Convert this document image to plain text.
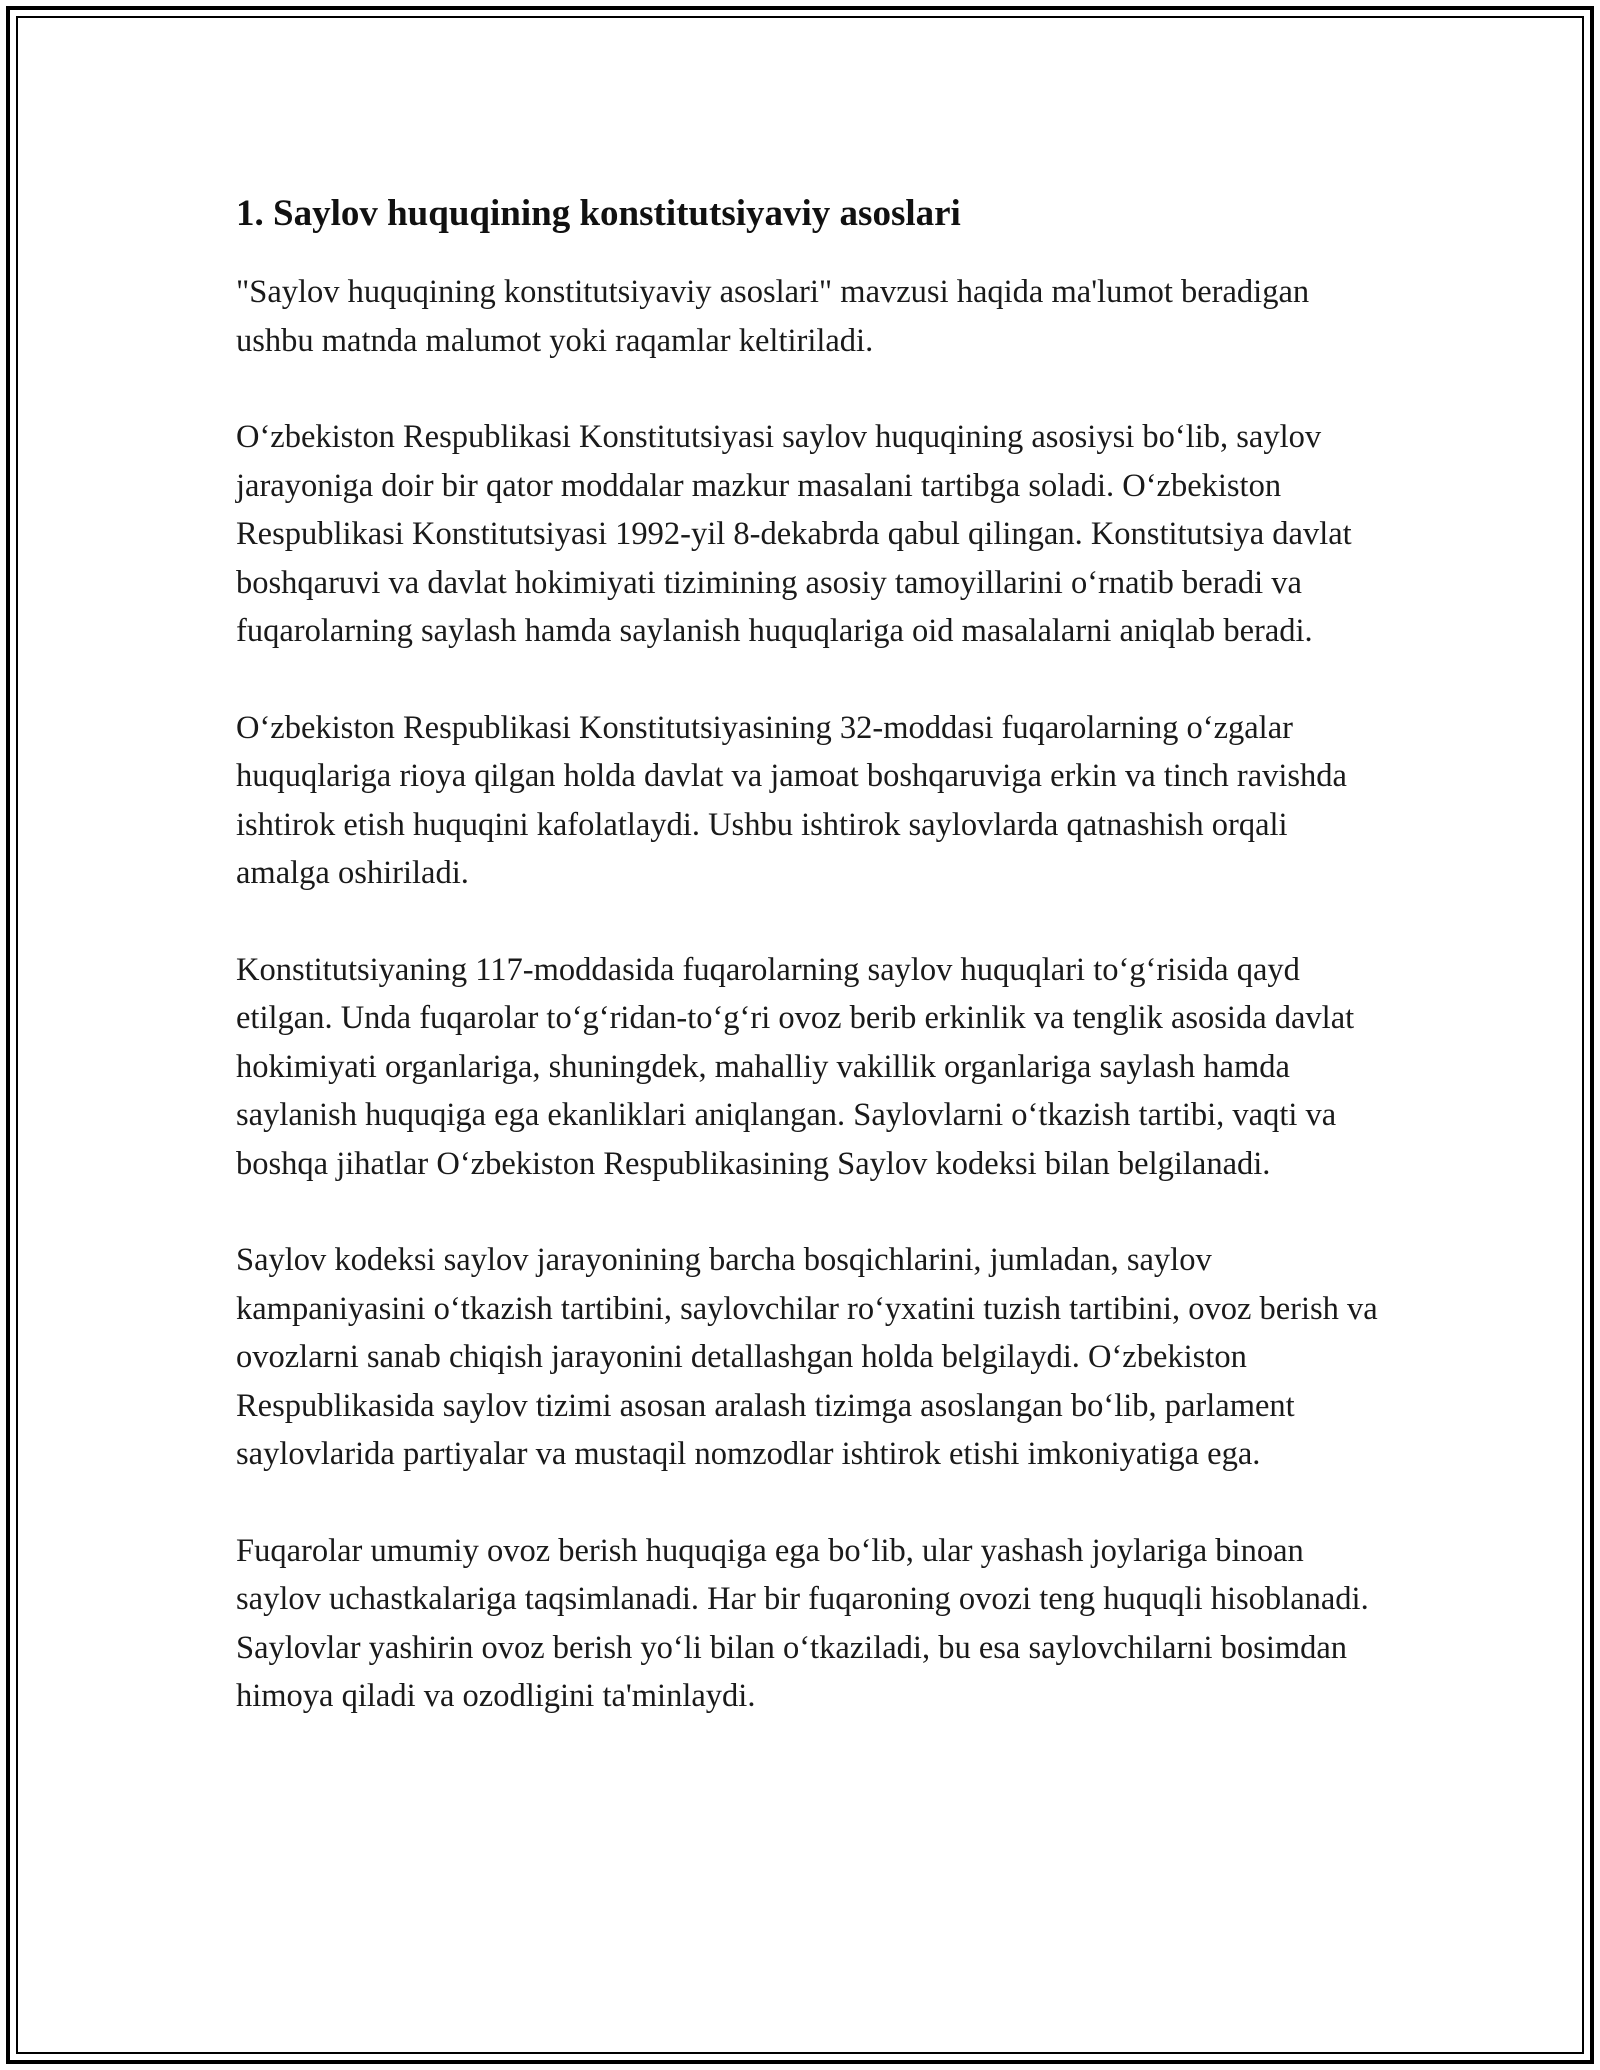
1. Saylov huquqining konstitutsiyaviy asoslari

"Saylov huquqining konstitutsiyaviy asoslari" mavzusi haqida ma'lumot beradigan ushbu matnda malumot yoki raqamlar keltiriladi.

Oʻzbekiston Respublikasi Konstitutsiyasi saylov huquqining asosiysi boʻlib, saylov jarayoniga doir bir qator moddalar mazkur masalani tartibga soladi. Oʻzbekiston Respublikasi Konstitutsiyasi 1992-yil 8-dekabrda qabul qilingan. Konstitutsiya davlat boshqaruvi va davlat hokimiyati tizimining asosiy tamoyillarini oʻrnatib beradi va fuqarolarning saylash hamda saylanish huquqlariga oid masalalarni aniqlab beradi.

Oʻzbekiston Respublikasi Konstitutsiyasining 32-moddasi fuqarolarning oʻzgalar huquqlariga rioya qilgan holda davlat va jamoat boshqaruviga erkin va tinch ravishda ishtirok etish huquqini kafolatlaydi. Ushbu ishtirok saylovlarda qatnashish orqali amalga oshiriladi.

Konstitutsiyaning 117-moddasida fuqarolarning saylov huquqlari toʻgʻrisida qayd etilgan. Unda fuqarolar toʻgʻridan-toʻgʻri ovoz berib erkinlik va tenglik asosida davlat hokimiyati organlariga, shuningdek, mahalliy vakillik organlariga saylash hamda saylanish huquqiga ega ekanliklari aniqlangan. Saylovlarni oʻtkazish tartibi, vaqti va boshqa jihatlar Oʻzbekiston Respublikasining Saylov kodeksi bilan belgilanadi.

Saylov kodeksi saylov jarayonining barcha bosqichlarini, jumladan, saylov kampaniyasini oʻtkazish tartibini, saylovchilar roʻyxatini tuzish tartibini, ovoz berish va ovozlarni sanab chiqish jarayonini detallashgan holda belgilaydi. Oʻzbekiston Respublikasida saylov tizimi asosan aralash tizimga asoslangan boʻlib, parlament saylovlarida partiyalar va mustaqil nomzodlar ishtirok etishi imkoniyatiga ega.

Fuqarolar umumiy ovoz berish huquqiga ega boʻlib, ular yashash joylariga binoan saylov uchastkalariga taqsimlanadi. Har bir fuqaroning ovozi teng huquqli hisoblanadi. Saylovlar yashirin ovoz berish yoʻli bilan oʻtkaziladi, bu esa saylovchilarni bosimdan himoya qiladi va ozodligini ta'minlaydi.
